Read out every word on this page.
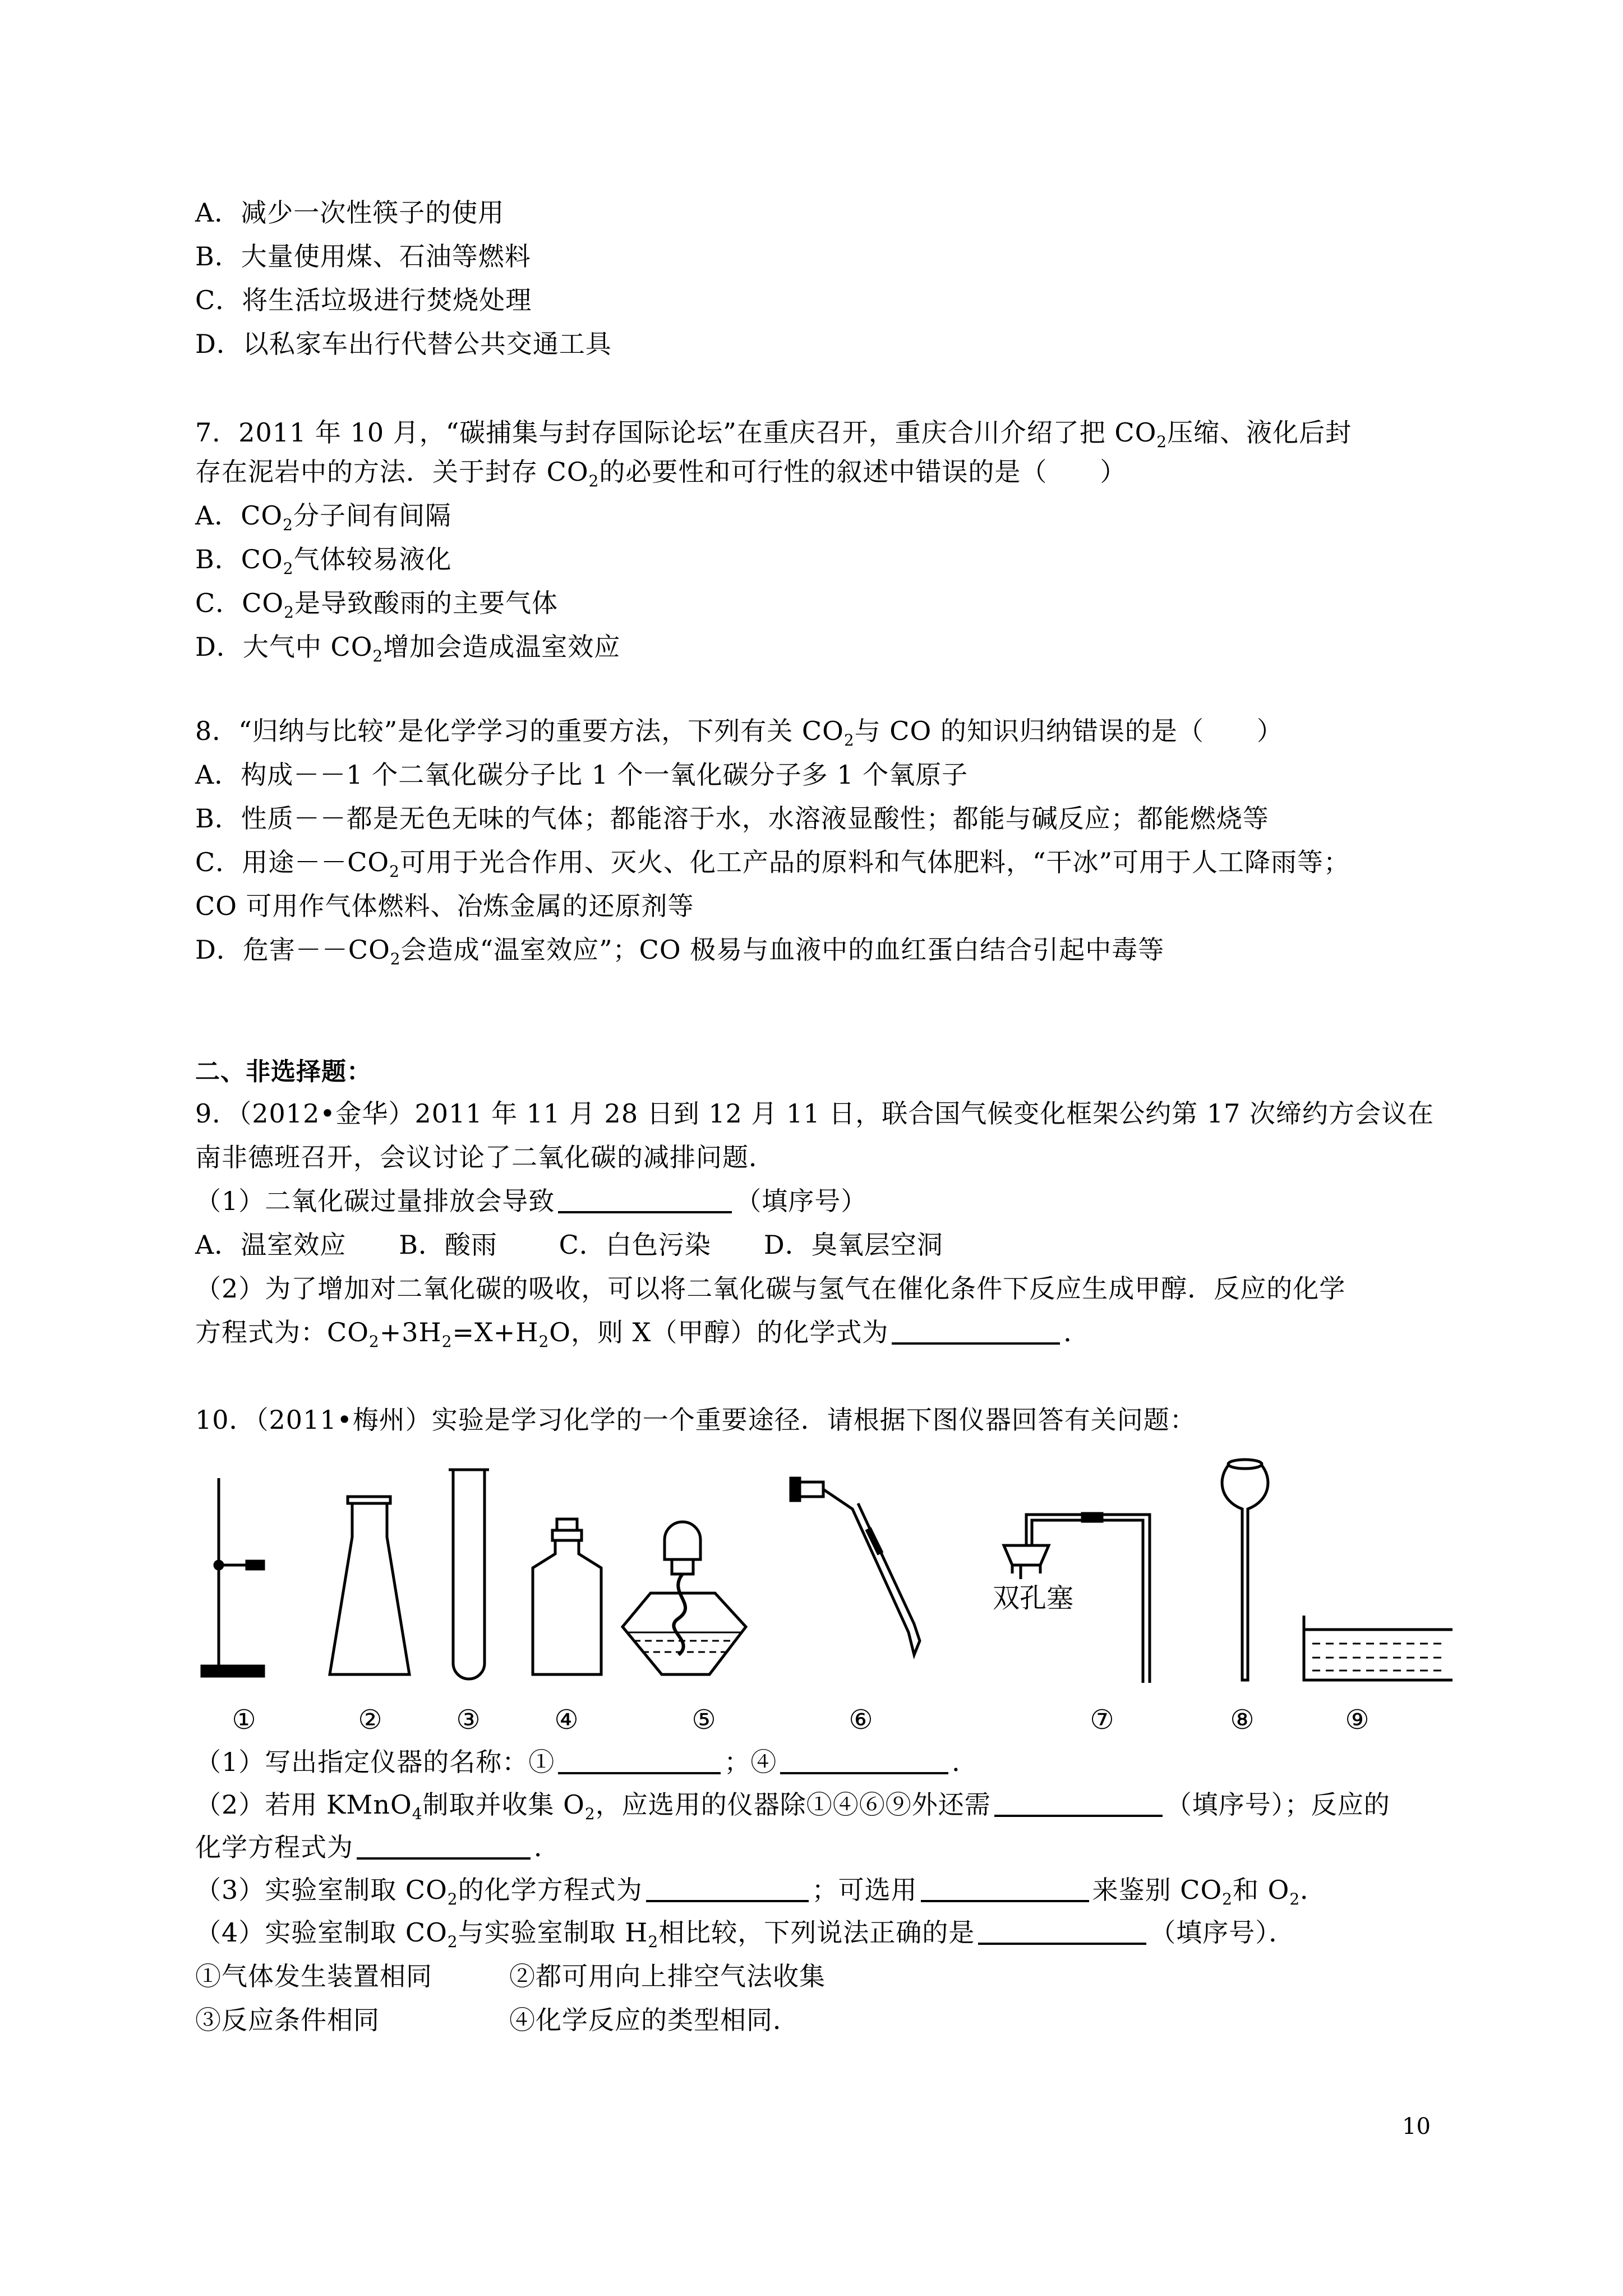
A．减少一次性筷子的使用
B．大量使用煤、石油等燃料
C．将生活垃圾进行焚烧处理
D．以私家车出行代替公共交通工具
7．2011 年 10 月，“碳捕集与封存国际论坛”在重庆召开，重庆合川介绍了把 $CO_2$压缩、液化后封
存在泥岩中的方法．关于封存 $CO_2$的必要性和可行性的叙述中错误的是（　　）
A．$CO_2$分子间有间隔
B．$CO_2$气体较易液化
C．$CO_2$是导致酸雨的主要气体
D．大气中 $CO_2$增加会造成温室效应
8．“归纳与比较”是化学学习的重要方法，下列有关 $CO_2$与 CO 的知识归纳错误的是（　　）
A．构成－－1 个二氧化碳分子比 1 个一氧化碳分子多 1 个氧原子
B．性质－－都是无色无味的气体；都能溶于水，水溶液显酸性；都能与碱反应；都能燃烧等
C．用途$--CO_2$可用于光合作用、灭火、化工产品的原料和气体肥料，“干冰”可用于人工降雨等；
CO 可用作气体燃料、冶炼金属的还原剂等
D．危害$--CO_2$会造成“温室效应”；CO 极易与血液中的血红蛋白结合引起中毒等
二、非选择题：
9．（2012•金华）2011 年 11 月 28 日到 12 月 11 日，联合国气候变化框架公约第 17 次缔约方会议在
南非德班召开，会议讨论了二氧化碳的减排问题．
（1）二氧化碳过量排放会导致	（填序号）
A．温室效应　　B．酸雨　　 C．白色污染　　D．臭氧层空洞
（2）为了增加对二氧化碳的吸收，可以将二氧化碳与氢气在催化条件下反应生成甲醇．反应的化学
方程式为：$CO_2+3H_2=X+H_2O$，则 X（甲醇）的化学式为	．
10．（2011•梅州）实验是学习化学的一个重要途径．请根据下图仪器回答有关问题：
双孔塞
①	②	③	④	⑤	⑥	⑦	⑧	⑨
（1）写出指定仪器的名称：①	；④	．
（2）若用 KMnO$_4$制取并收集 $O_2$，应选用的仪器除①④⑥⑨外还需	（填序号）；反应的
化学方程式为	．
（3）实验室制取 $CO_2$的化学方程式为	；可选用	来鉴别 $CO_2$和 $O_2$．
（4）实验室制取 $CO_2$与实验室制取 $H_2$相比较，下列说法正确的是	（填序号）．
①气体发生装置相同	②都可用向上排空气法收集
③反应条件相同	④化学反应的类型相同．
10
